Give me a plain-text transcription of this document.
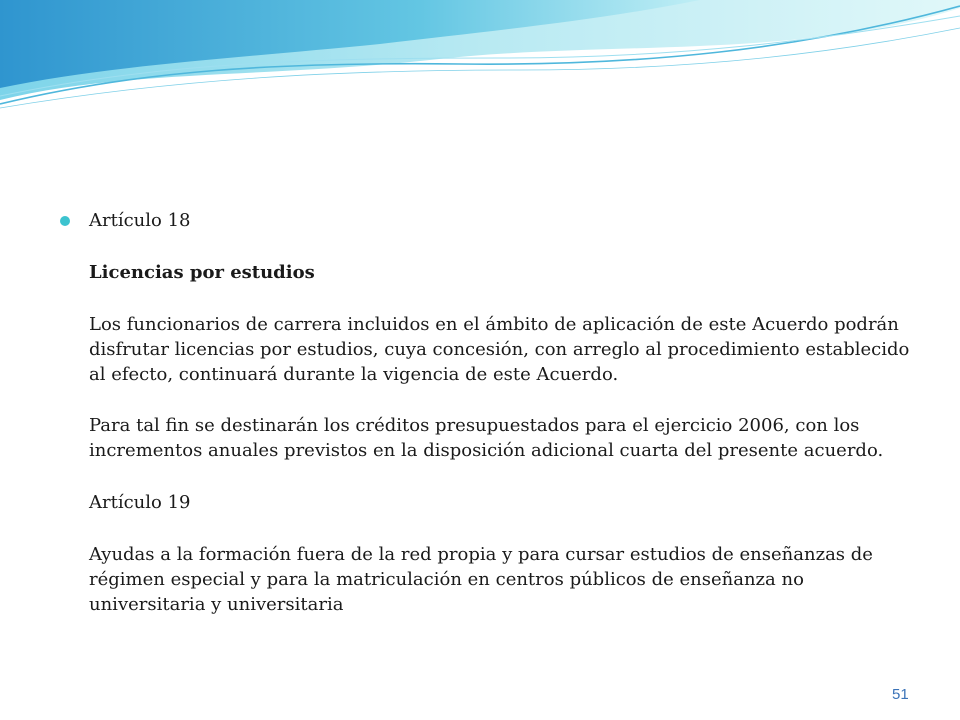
Artículo 18
Licencias por estudios
Los funcionarios de carrera incluidos en el ámbito de aplicación de este Acuerdo podrán
disfrutar licencias por estudios, cuya concesión, con arreglo al procedimiento establecido
al efecto, continuará durante la vigencia de este Acuerdo.
Para tal fin se destinarán los créditos presupuestados para el ejercicio 2006, con los
incrementos anuales previstos en la disposición adicional cuarta del presente acuerdo.
Artículo 19
Ayudas a la formación fuera de la red propia y para cursar estudios de enseñanzas de
régimen especial y para la matriculación en centros públicos de enseñanza no
universitaria y universitaria
51
